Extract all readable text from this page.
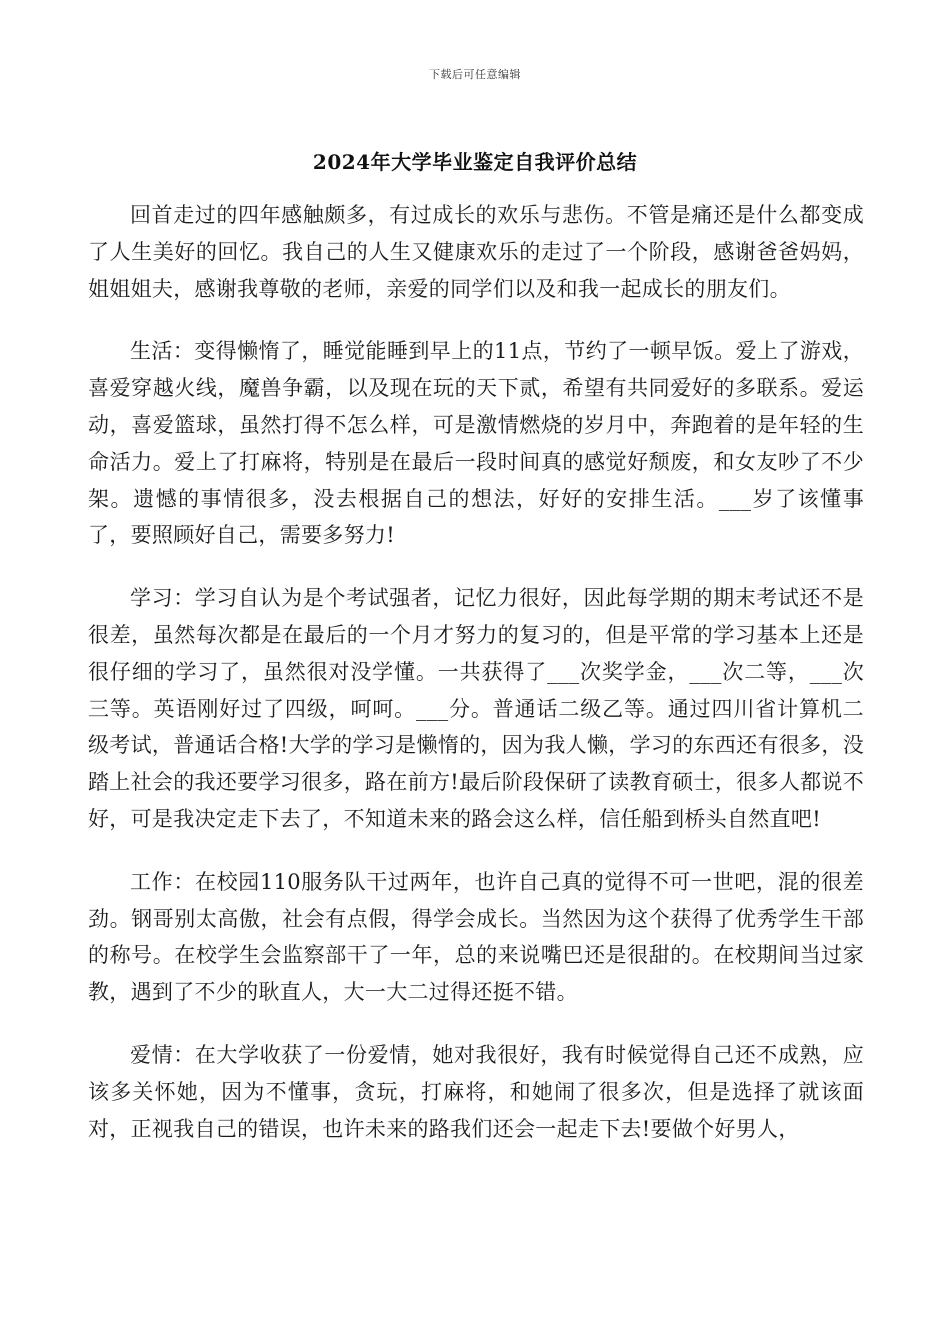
下载后可任意编辑
2024年大学毕业鉴定自我评价总结

回首走过的四年感触颇多，有过成长的欢乐与悲伤。不管是痛还是什么都变成了人生美好的回忆。我自己的人生又健康欢乐的走过了一个阶段，感谢爸爸妈妈，姐姐姐夫，感谢我尊敬的老师，亲爱的同学们以及和我一起成长的朋友们。

生活：变得懒惰了，睡觉能睡到早上的11点，节约了一顿早饭。爱上了游戏，喜爱穿越火线，魔兽争霸，以及现在玩的天下贰，希望有共同爱好的多联系。爱运动，喜爱篮球，虽然打得不怎么样，可是激情燃烧的岁月中，奔跑着的是年轻的生命活力。爱上了打麻将，特别是在最后一段时间真的感觉好颓废，和女友吵了不少架。遗憾的事情很多，没去根据自己的想法，好好的安排生活。___岁了该懂事了，要照顾好自己，需要多努力!

学习：学习自认为是个考试强者，记忆力很好，因此每学期的期末考试还不是很差，虽然每次都是在最后的一个月才努力的复习的，但是平常的学习基本上还是很仔细的学习了，虽然很对没学懂。一共获得了___次奖学金，___次二等，___次三等。英语刚好过了四级，呵呵。___分。普通话二级乙等。通过四川省计算机二级考试，普通话合格!大学的学习是懒惰的，因为我人懒，学习的东西还有很多，没踏上社会的我还要学习很多，路在前方!最后阶段保研了读教育硕士，很多人都说不好，可是我决定走下去了，不知道未来的路会这么样，信任船到桥头自然直吧!

工作：在校园110服务队干过两年，也许自己真的觉得不可一世吧，混的很差劲。钢哥别太高傲，社会有点假，得学会成长。当然因为这个获得了优秀学生干部的称号。在校学生会监察部干了一年，总的来说嘴巴还是很甜的。在校期间当过家教，遇到了不少的耿直人，大一大二过得还挺不错。

爱情：在大学收获了一份爱情，她对我很好，我有时候觉得自己还不成熟，应该多关怀她，因为不懂事，贪玩，打麻将，和她闹了很多次，但是选择了就该面对，正视我自己的错误，也许未来的路我们还会一起走下去!要做个好男人，
